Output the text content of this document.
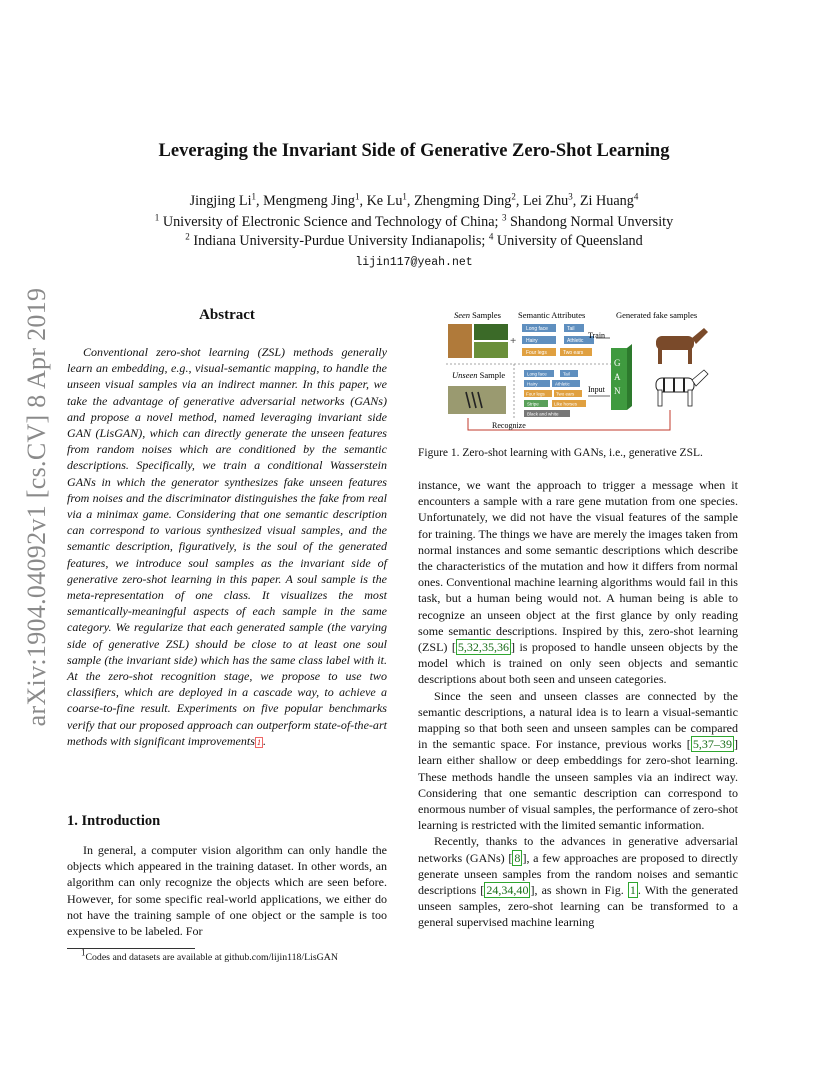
Leveraging the Invariant Side of Generative Zero-Shot Learning
Jingjing Li$^1$, Mengmeng Jing$^1$, Ke Lu$^1$, Zhengming Ding$^2$, Lei Zhu$^3$, Zi Huang$^4$
$^1$ University of Electronic Science and Technology of China; $^3$ Shandong Normal Unversity
$^2$ Indiana University-Purdue University Indianapolis; $^4$ University of Queensland
lijin117@yeah.net
arXiv:1904.04092v1 [cs.CV] 8 Apr 2019	Abstract

Conventional zero-shot learning (ZSL) methods generally learn an embedding, e.g., visual-semantic mapping, to handle the unseen visual samples via an indirect manner. In this paper, we take the advantage of generative adversarial networks (GANs) and propose a novel method, named leveraging invariant side GAN (LisGAN), which can directly generate the unseen features from random noises which are conditioned by the semantic descriptions. Specifically, we train a conditional Wasserstein GANs in which the generator synthesizes fake unseen features from noises and the discriminator distinguishes the fake from real via a minimax game. Considering that one semantic description can correspond to various synthesized visual samples, and the semantic description, figuratively, is the soul of the generated features, we introduce soul samples as the invariant side of generative zero-shot learning in this paper. A soul sample is the meta-representation of one class. It visualizes the most semantically-meaningful aspects of each sample in the same category. We regularize that each generated sample (the varying side of generative ZSL) should be close to at least one soul sample (the invariant side) which has the same class label with it. At the zero-shot recognition stage, we propose to use two classifiers, which are deployed in a cascade way, to achieve a coarse-to-fine result. Experiments on five popular benchmarks verify that our proposed approach can outperform state-of-the-art methods with significant improvements 1 .

1. Introduction

In general, a computer vision algorithm can only handle the objects which appeared in the training dataset. In other words, an algorithm can only recognize the objects which are seen before. However, for some specific real-world applications, we either do not have the training sample of one object or the sample is too expensive to be labeled. For

$^1$Codes and datasets are available at github.com/lijin118/LisGAN
Seen Samples Semantic Attributes	Generated fake samples
+
Long face	Tail
Hairy	Athletic
Four legs	Two ears
Train
Unseen Sample	Long face	Tail
Hairy	Athletic
Four legs Two ears
Stripe	Like horses
Black and white
Input
G
A
N
Recognize
Figure 1. Zero-shot learning with GANs, i.e., generative ZSL.

instance, we want the approach to trigger a message when it encounters a sample with a rare gene mutation from one species. Unfortunately, we did not have the visual features of the sample for training. The things we have are merely the images taken from normal instances and some semantic descriptions which describe the characteristics of the mutation and how it differs from normal ones. Conventional machine learning algorithms would fail in this task, but a human being would not. A human being is able to recognize an unseen object at the first glance by only reading some semantic descriptions. Inspired by this, zero-shot learning (ZSL) [ 5,32,35,36 ] is proposed to handle unseen objects by the model which is trained on only seen objects and semantic descriptions about both seen and unseen categories.

Since the seen and unseen classes are connected by the semantic descriptions, a natural idea is to learn a visual-semantic mapping so that both seen and unseen samples can be compared in the semantic space. For instance, previous works [ 5,37–39 ] learn either shallow or deep embeddings for zero-shot learning. These methods handle the unseen samples via an indirect way. Considering that one semantic description can correspond to enormous number of visual samples, the performance of zero-shot learning is restricted with the limited semantic information.

Recently, thanks to the advances in generative adversarial networks (GANs) [ 8 ], a few approaches are proposed to directly generate unseen samples from the random noises and semantic descriptions [ 24,34,40 ], as shown in Fig. 1 . With the generated unseen samples, zero-shot learning can be transformed to a general supervised machine learning
